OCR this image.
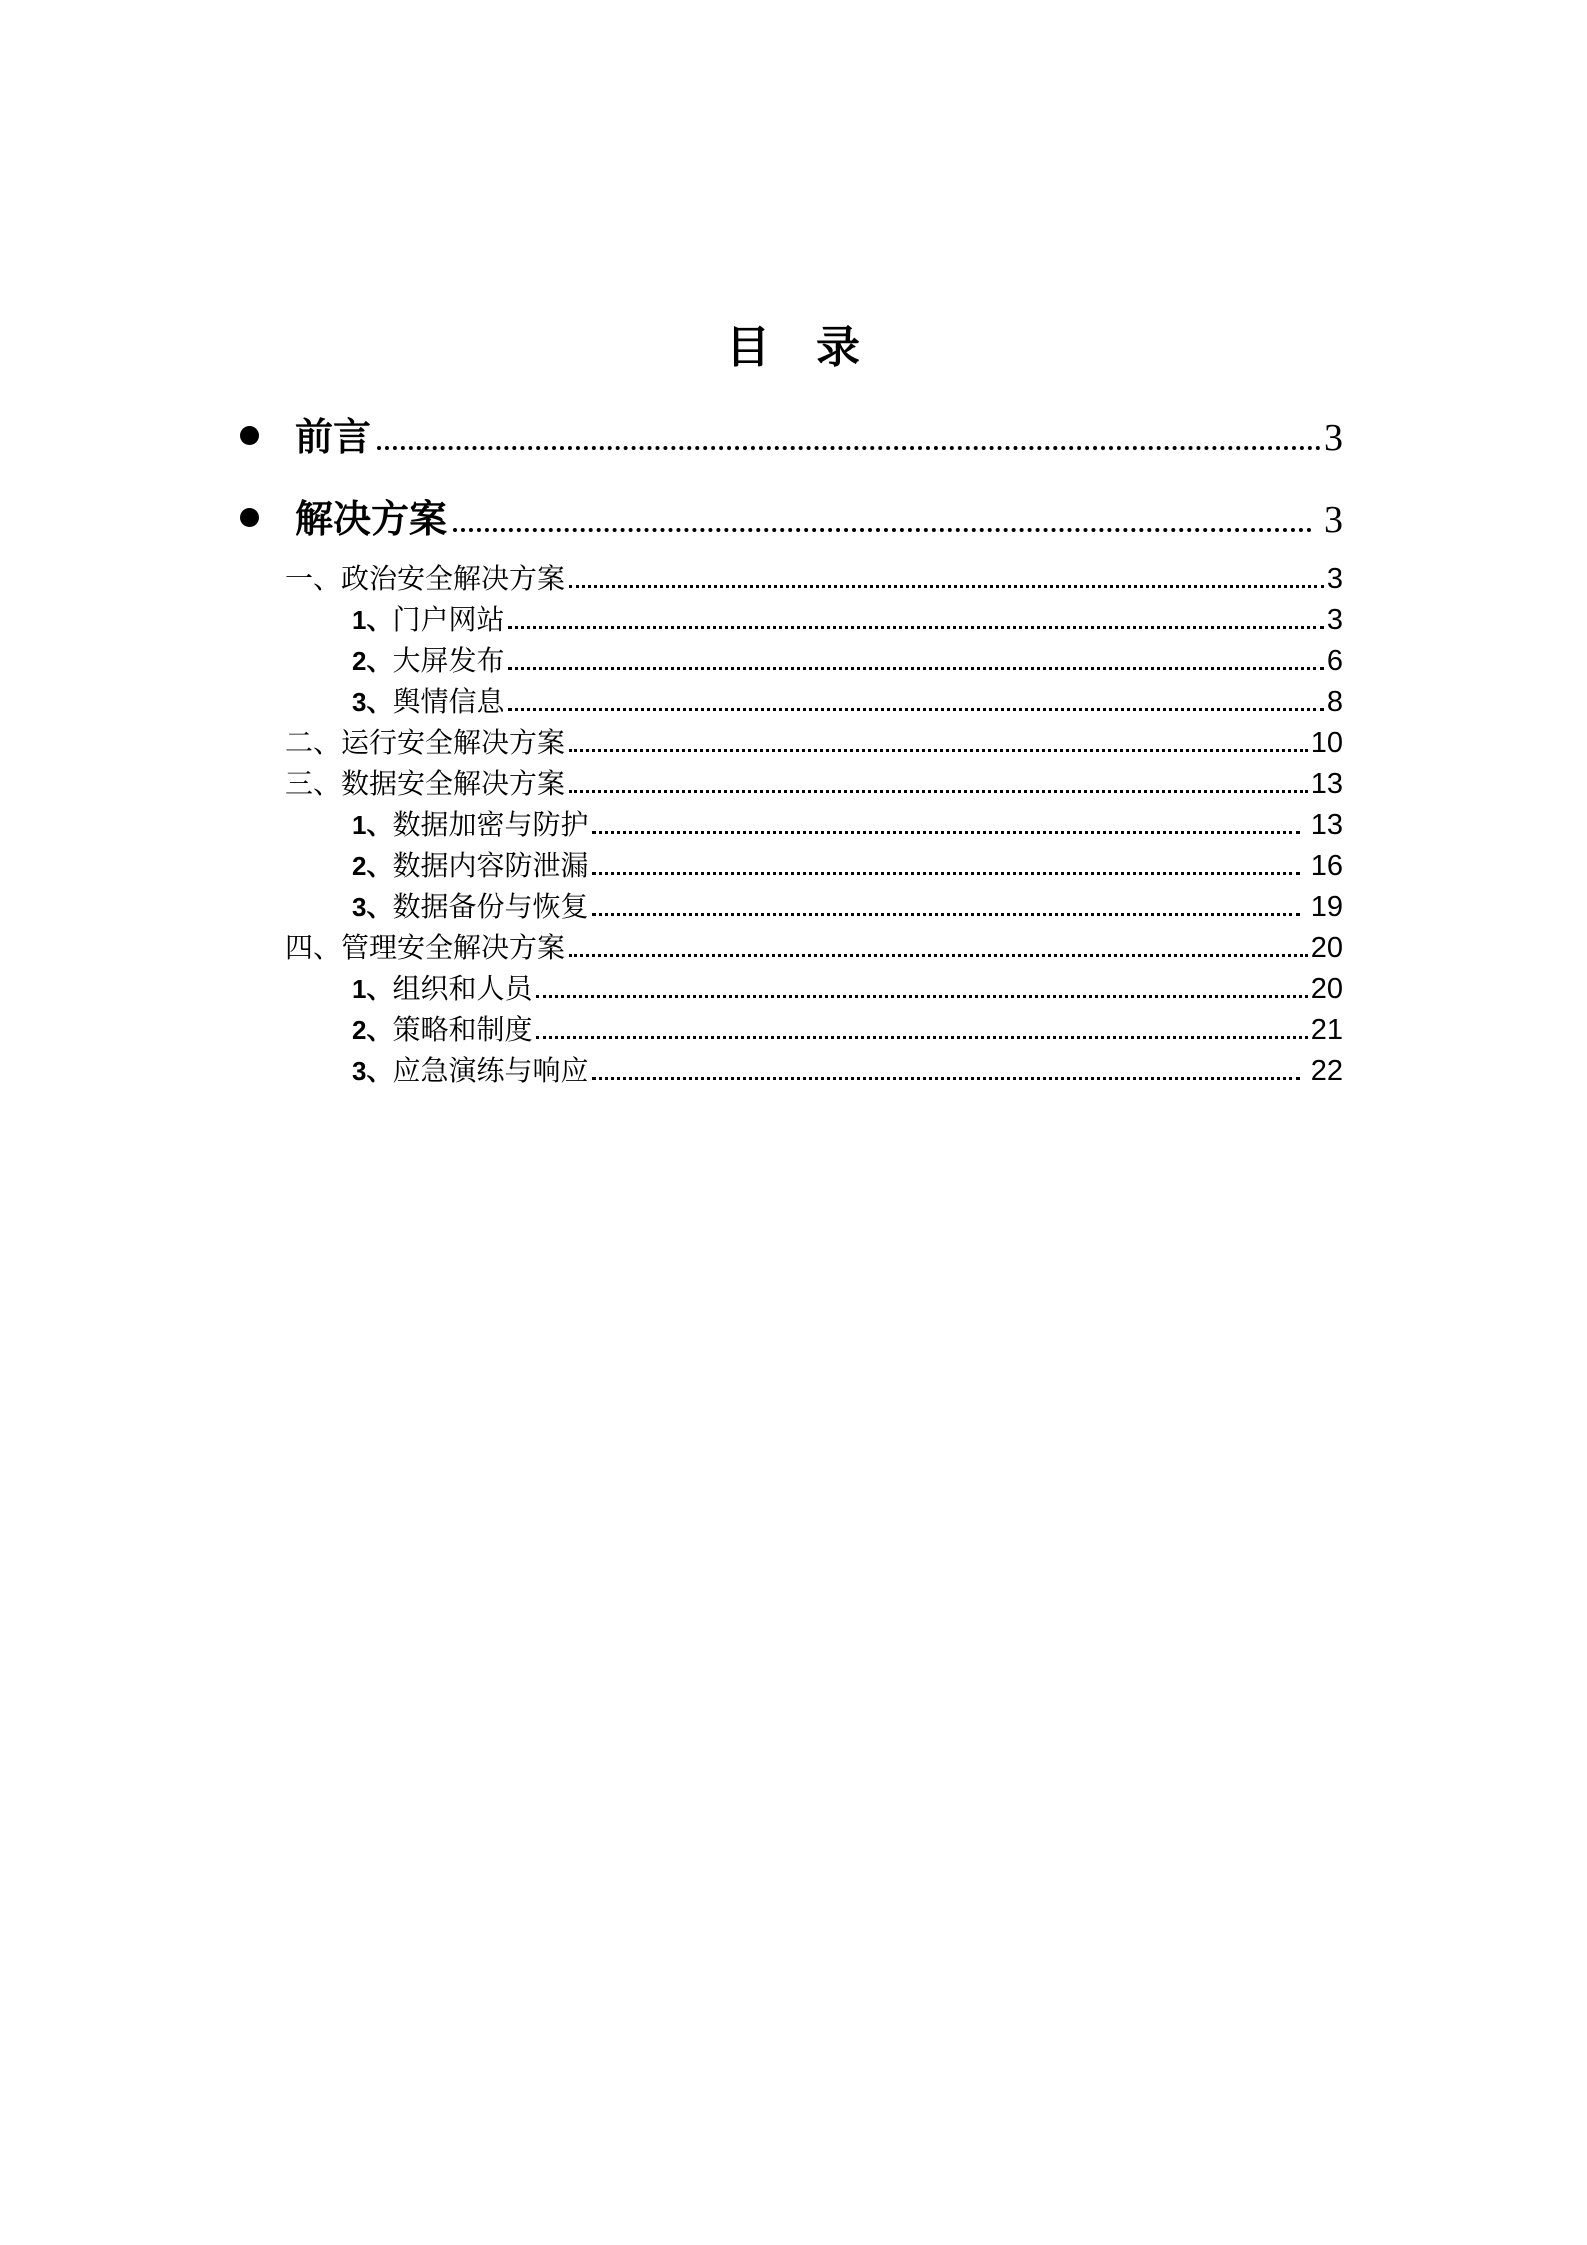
目　录
前言	3
解决方案	3
一、 政治安全解决方案	3
1、 门户网站	3
2、 大屏发布	6
3、 舆情信息	8
二、 运行安全解决方案	10
三、 数据安全解决方案	13
1、 数据加密与防护	13
2、 数据内容防泄漏	16
3、 数据备份与恢复	19
四、 管理安全解决方案	20
1、 组织和人员	20
2、 策略和制度	21
3、 应急演练与响应	22
